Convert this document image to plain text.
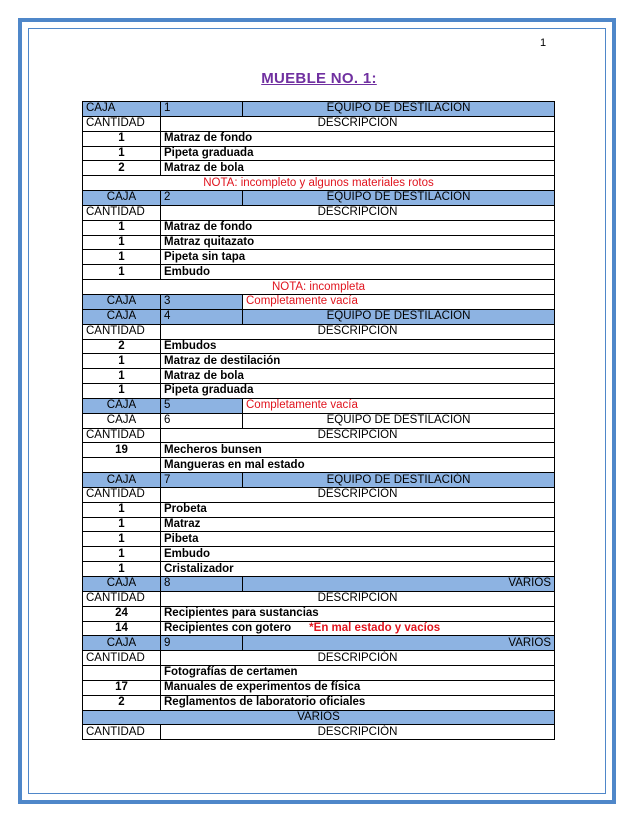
1
MUEBLE NO. 1:
CAJA	1	EQUIPO DE DESTILACION
CANTIDAD	DESCRIPCION	
1	Matraz de fondo	
1	Pipeta graduada	
2	Matraz de bola	
NOTA: incompleto y algunos materiales rotos		
CAJA	2	EQUIPO DE DESTILACION
CANTIDAD	DESCRIPCION	
1	Matraz de fondo	
1	Matraz quitazato	
1	Pipeta sin tapa	
1	Embudo	
NOTA: incompleta		
CAJA	3	Completamente vacía
CAJA	4	EQUIPO DE DESTILACION
CANTIDAD	DESCRIPCIÓN	
2	Embudos	
1	Matraz de destilación	
1	Matraz de bola	
1	Pipeta graduada	
CAJA	5	Completamente vacía
CAJA	6	EQUIPO DE DESTILACIÓN
CANTIDAD	DESCRIPCIÓN	
19	Mecheros bunsen	
	Mangueras en mal estado	
CAJA	7	EQUIPO DE DESTILACIÓN
CANTIDAD	DESCRIPCION	
1	Probeta	
1	Matraz	
1	Pibeta	
1	Embudo	
1	Cristalizador	
CAJA	8	VARIOS
CANTIDAD	DESCRIPCIÓN	
24	Recipientes para sustancias	
14	Recipientes con gotero *En mal estado y vacíos	
CAJA	9	VARIOS
CANTIDAD	DESCRIPCIÓN	
	Fotografías de certamen	
17	Manuales de experimentos de física	
2	Reglamentos de laboratorio oficiales	
VARIOS		
CANTIDAD	DESCRIPCIÓN	
